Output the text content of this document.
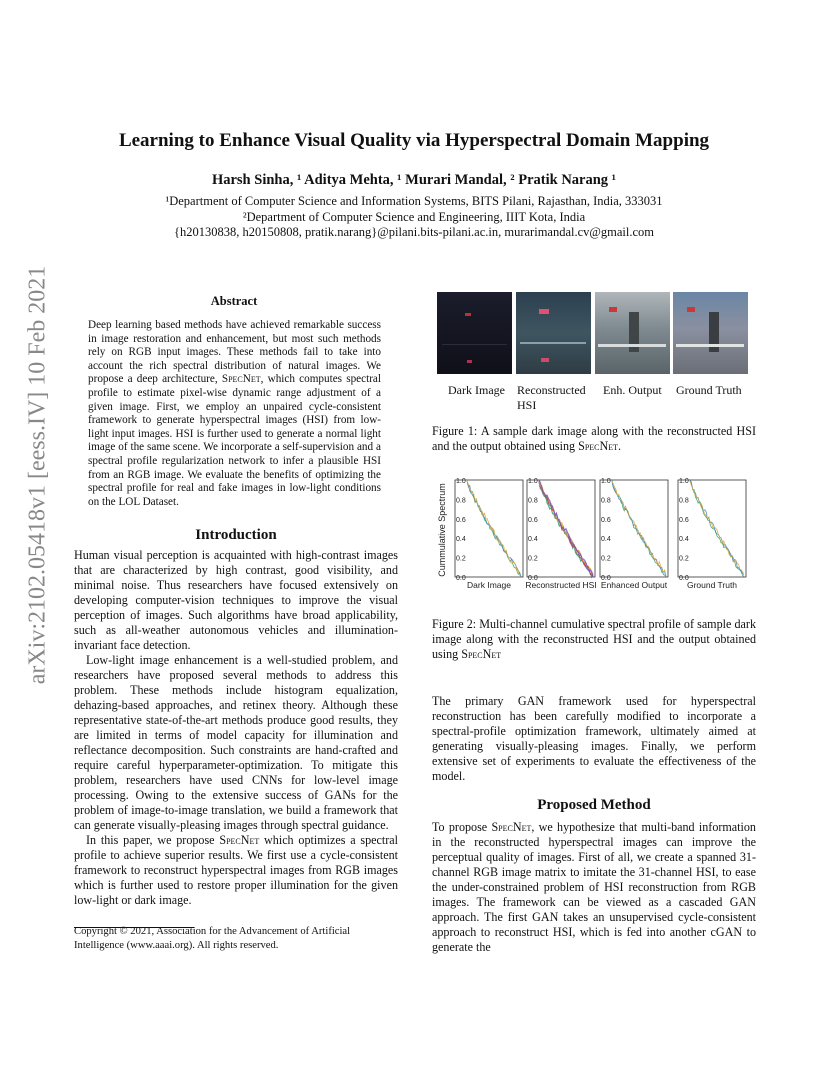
Learning to Enhance Visual Quality via Hyperspectral Domain Mapping
Harsh Sinha, ¹ Aditya Mehta, ¹ Murari Mandal, ² Pratik Narang ¹
¹Department of Computer Science and Information Systems, BITS Pilani, Rajasthan, India, 333031
²Department of Computer Science and Engineering, IIIT Kota, India
{h20130838, h20150808, pratik.narang}@pilani.bits-pilani.ac.in, murarimandal.cv@gmail.com
arXiv:2102.05418v1 [eess.IV] 10 Feb 2021	Abstract
Deep learning based methods have achieved remarkable success in image restoration and enhancement, but most such methods rely on RGB input images. These methods fail to take into account the rich spectral distribution of natural images. We propose a deep architecture, SpecNet, which computes spectral profile to estimate pixel-wise dynamic range adjustment of a given image. First, we employ an unpaired cycle-consistent framework to generate hyperspectral images (HSI) from low-light input images. HSI is further used to generate a normal light image of the same scene. We incorporate a self-supervision and a spectral profile regularization network to infer a plausible HSI from an RGB image. We evaluate the benefits of optimizing the spectral profile for real and fake images in low-light conditions on the LOL Dataset.
Introduction

Human visual perception is acquainted with high-contrast images that are characterized by high contrast, good visibility, and minimal noise. Thus researchers have focused extensively on developing computer-vision techniques to improve the visual perception of images. Such algorithms have broad applicability, such as all-weather autonomous vehicles and illumination-invariant face detection.

Low-light image enhancement is a well-studied problem, and researchers have proposed several methods to address this problem. These methods include histogram equalization, dehazing-based approaches, and retinex theory. Although these representative state-of-the-art methods produce good results, they are limited in terms of model capacity for illumination and reflectance decomposition. Such constraints are hand-crafted and require careful hyperparameter-optimization. To mitigate this problem, researchers have used CNNs for low-level image processing. Owing to the extensive success of GANs for the problem of image-to-image translation, we build a framework that can generate visually-pleasing images through spectral guidance.

In this paper, we propose SpecNet which optimizes a spectral profile to achieve superior results. We first use a cycle-consistent framework to reconstruct hyperspectral images from RGB images which is further used to restore proper illumination for the given low-light or dark image.

Copyright © 2021, Association for the Advancement of Artificial Intelligence (www.aaai.org). All rights reserved.
Dark Image Reconstructed HSI
Enh. Output Ground Truth
Figure 1: A sample dark image along with the reconstructed HSI and the output obtained using SpecNet.
Cummulative Spectrum
1.0
0.8
0.6
0.4
0.2
0.0
Dark Image
1.0
0.8
0.6
0.4
0.2
0.0
Reconstructed HSI
1.0
0.8
0.6
0.4
0.2
0.0
Enhanced Output
1.0
0.8
0.6
0.4
0.2
0.0
Ground Truth
Figure 2: Multi-channel cumulative spectral profile of sample dark image along with the reconstructed HSI and the output obtained using SpecNet
The primary GAN framework used for hyperspectral reconstruction has been carefully modified to incorporate a spectral-profile optimization framework, ultimately aimed at generating visually-pleasing images. Finally, we perform extensive set of experiments to evaluate the effectiveness of the model.
Proposed Method
To propose SpecNet, we hypothesize that multi-band information in the reconstructed hyperspectral images can improve the perceptual quality of images. First of all, we create a spanned 31-channel RGB image matrix to imitate the 31-channel HSI, to ease the under-constrained problem of HSI reconstruction from RGB images. The framework can be viewed as a cascaded GAN approach. The first GAN takes an unsupervised cycle-consistent approach to reconstruct HSI, which is fed into another cGAN to generate the
